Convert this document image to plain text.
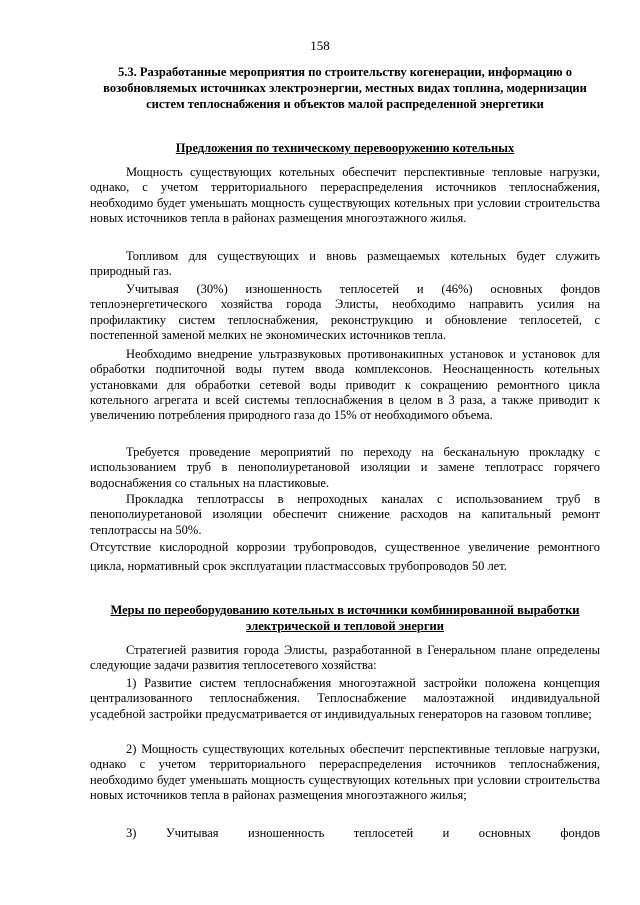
158
5.3. Разработанные мероприятия по строительству когенерации, информацию о возобновляемых источниках электроэнергии, местных видах топлина, модернизации систем теплоснабжения и объектов малой распределенной энергетики
Предложения по техническому перевооружению котельных
Мощность существующих котельных обеспечит перспективные тепловые нагрузки, однако, с учетом территориального перераспределения источников теплоснабжения, необходимо будет уменьшать мощность существующих котельных при условии строительства новых источников тепла в районах размещения многоэтажного жилья.
Топливом для существующих и вновь размещаемых котельных будет служить природный газ.
Учитывая (30%) изношенность теплосетей и (46%) основных фондов теплоэнергетического хозяйства города Элисты, необходимо направить усилия на профилактику систем теплоснабжения, реконструкцию и обновление теплосетей, с постепенной заменой мелких не экономических источников тепла.
Необходимо внедрение ультразвуковых противонакипных установок и установок для обработки подпиточной воды путем ввода комплексонов. Неоснащенность котельных установками для обработки сетевой воды приводит к сокращению ремонтного цикла котельного агрегата и всей системы теплоснабжения в целом в 3 раза, а также приводит к увеличению потребления природного газа до 15% от необходимого объема.
Требуется проведение мероприятий по переходу на бесканальную прокладку с использованием труб в пенополиуретановой изоляции и замене теплотрасс горячего водоснабжения со стальных на пластиковые.
Прокладка теплотрассы в непроходных каналах с использованием труб в пенополиуретановой изоляции обеспечит снижение расходов на капитальный ремонт теплотрассы на 50%.
Отсутствие кислородной коррозии трубопроводов, существенное увеличение ремонтного цикла, нормативный срок эксплуатации пластмассовых трубопроводов 50 лет.
Меры по переоборудованию котельных в источники комбинированной выработки электрической и тепловой энергии
Стратегией развития города Элисты, разработанной в Генеральном плане определены следующие задачи развития теплосетевого хозяйства:
1) Развитие систем теплоснабжения многоэтажной застройки положена концепция централизованного теплоснабжения. Теплоснабжение малоэтажной индивидуальной усадебной застройки предусматривается от индивидуальных генераторов на газовом топливе;
2) Мощность существующих котельных обеспечит перспективные тепловые нагрузки, однако с учетом территориального перераспределения источников теплоснабжения, необходимо будет уменьшать мощность существующих котельных при условии строительства новых источников тепла в районах размещения многоэтажного жилья;
3) Учитывая изношенность теплосетей и основных фондов
